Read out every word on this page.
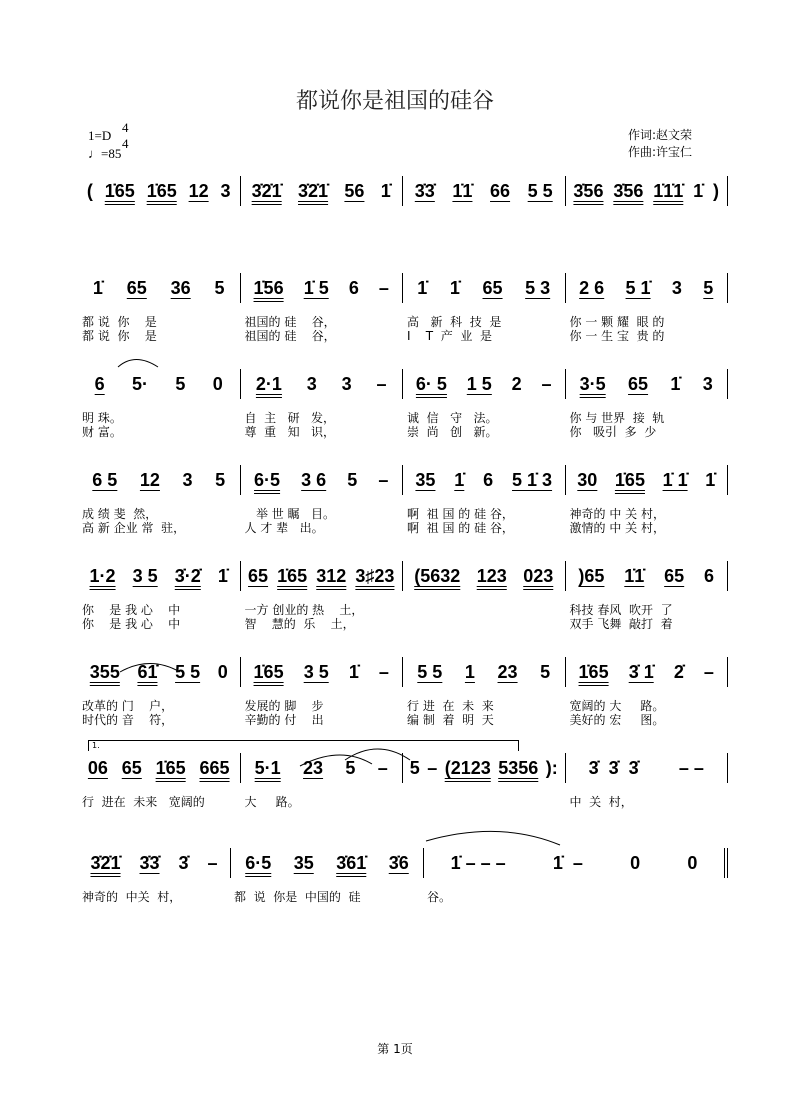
都说你是祖国的硅谷
1=D
4
4
♩=85
作词:赵文荣
作曲:许宝仁
1.
( 1̇65 1̇65 12 3 3̇2̇1̇ 3̇2̇1̇ 56 1̇ 3̇3̇ 1̇1̇ 66 5 5 3̇56 3̇56 1̇1̇1̇ 1̇ )
1̇ 65 36 5 1̇56 1̇ 5 6 – 1̇ 1̇ 65 5 3 2 6 5 1̇ 3 5
都 说  你    是	祖国的 硅    谷，	高   新  科  技  是	你 一 颗 耀  眼 的
都 说  你    是	祖国的 硅    谷，	I    T  产  业  是	你 一 生 宝  贵 的
6 5· 5 0 2·1 3 3 – 6· 5 1 5 2 – 3·5 65 1̇ 3
明 珠。	自  主   研   发，	诚  信   守   法。	你 与 世界  接  轨
财 富。	尊  重   知   识，	崇  尚   创   新。	你   吸引  多  少
6 5 12 3 5 6·5 3 6 5 – 35 1̇ 6 5 1̇ 3 30 1̇65 1̇ 1̇ 1̇
成 绩 斐  然，	举 世 瞩   目。	啊  祖 国 的 硅 谷，	神奇的 中 关 村，
高 新 企业 常  驻，	人 才 辈   出。	啊  祖 国 的 硅 谷，	激情的 中 关 村，
1·2 3 5 3̇·2̇ 1̇ 65 1̇65 312 3♯23 (5632 123 023 )65 1̇1̇ 65 6
你    是 我 心    中	一方 创业的 热    土，	科技 春风  吹开  了
你    是 我 心    中	智    慧的  乐    土，	双手 飞舞  敲打  着
355 61̇ 5 5 0 1̇65 3 5 1̇ – 5 5 1 23 5 1̇65 3̇ 1̇ 2̇ –
改革的 门    户，	发展的 脚    步	行 进  在  未  来	宽阔的 大     路。
时代的 音    符，	辛勤的 付    出	编 制  着  明  天	美好的 宏     图。
06 65 1̇65 665 5·1 23 5 – 5 – (2123 5356 ): 3̇  3̇  3̇ – –
行  进在  未来   宽阔的	大     路。	中  关  村，
3̇2̇1̇ 3̇3̇ 3̇ – 6·5 35 3̇61̇ 3̇6 1̇ – – –	1̇  –	0	0
神奇的  中关  村，	都  说  你是  中国的  硅	谷。
第 1页
